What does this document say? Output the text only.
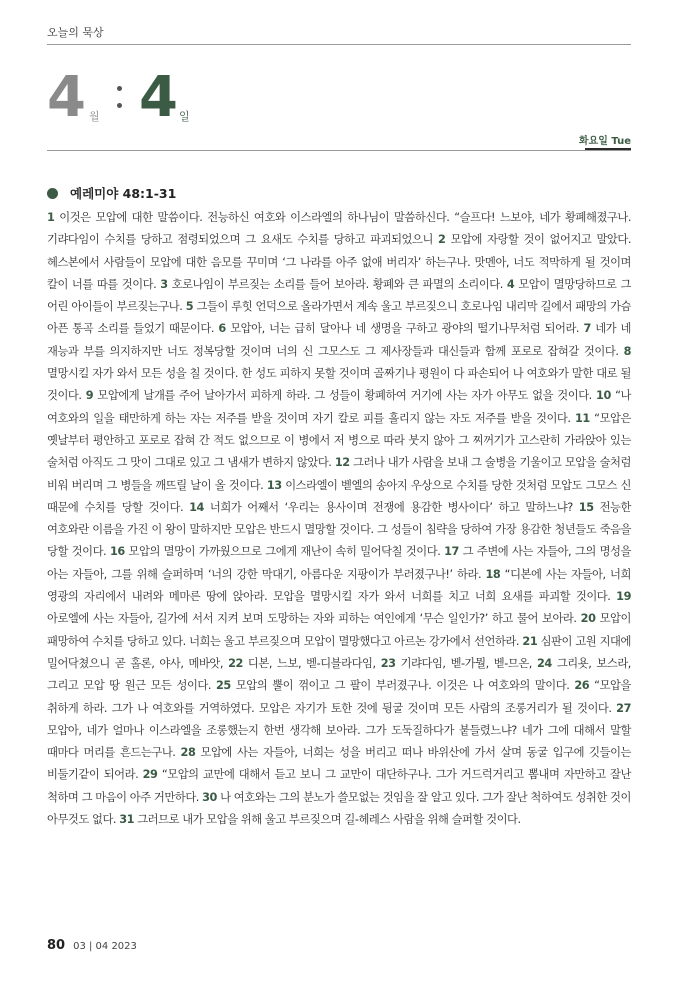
오늘의 묵상
4 월 4 일
화요일 Tue
예레미야 48:1-31
1 이것은 모압에 대한 말씀이다. 전능하신 여호와 이스라엘의 하나님이 말씀하신다. “슬프다! 느보야, 네가 황폐해졌구나. 기랴다임이 수치를 당하고 점령되었으며 그 요새도 수치를 당하고 파괴되었으니 2 모압에 자랑할 것이 없어지고 말았다. 헤스본에서 사람들이 모압에 대한 음모를 꾸미며 ‘그 나라를 아주 없애 버리자’ 하는구나. 맛멘아, 너도 적막하게 될 것이며 칼이 너를 따를 것이다. 3 호로나임이 부르짖는 소리를 들어 보아라. 황폐와 큰 파멸의 소리이다. 4 모압이 멸망당하므로 그 어린 아이들이 부르짖는구나. 5 그들이 루힛 언덕으로 올라가면서 계속 울고 부르짖으니 호로나임 내리막 길에서 패망의 가슴 아픈 통곡 소리를 들었기 때문이다. 6 모압아, 너는 급히 달아나 네 생명을 구하고 광야의 떨기나무처럼 되어라. 7 네가 네 재능과 부를 의지하지만 너도 정복당할 것이며 너의 신 그모스도 그 제사장들과 대신들과 함께 포로로 잡혀갈 것이다. 8 멸망시킬 자가 와서 모든 성을 칠 것이다. 한 성도 피하지 못할 것이며 골짜기나 평원이 다 파손되어 나 여호와가 말한 대로 될 것이다. 9 모압에게 날개를 주어 날아가서 피하게 하라. 그 성들이 황폐하여 거기에 사는 자가 아무도 없을 것이다. 10 “나 여호와의 일을 태만하게 하는 자는 저주를 받을 것이며 자기 칼로 피를 흘리지 않는 자도 저주를 받을 것이다. 11 “모압은 옛날부터 평안하고 포로로 잡혀 간 적도 없으므로 이 병에서 저 병으로 따라 붓지 않아 그 찌꺼기가 고스란히 가라앉아 있는 술처럼 아직도 그 맛이 그대로 있고 그 냄새가 변하지 않았다. 12 그러나 내가 사람을 보내 그 술병을 기울이고 모압을 술처럼 비워 버리며 그 병들을 깨뜨릴 날이 올 것이다. 13 이스라엘이 벧엘의 송아지 우상으로 수치를 당한 것처럼 모압도 그모스 신 때문에 수치를 당할 것이다. 14 너희가 어째서 ‘우리는 용사이며 전쟁에 용감한 병사이다’ 하고 말하느냐? 15 전능한 여호와란 이름을 가진 이 왕이 말하지만 모압은 반드시 멸망할 것이다. 그 성들이 침략을 당하여 가장 용감한 청년들도 죽음을 당할 것이다. 16 모압의 멸망이 가까웠으므로 그에게 재난이 속히 밀어닥칠 것이다. 17 그 주변에 사는 자들아, 그의 명성을 아는 자들아, 그를 위해 슬퍼하며 ‘너의 강한 막대기, 아름다운 지팡이가 부러졌구나!’ 하라. 18 “디본에 사는 자들아, 너희 영광의 자리에서 내려와 메마른 땅에 앉아라. 모압을 멸망시킬 자가 와서 너희를 치고 너희 요새를 파괴할 것이다. 19 아로엘에 사는 자들아, 길가에 서서 지켜 보며 도망하는 자와 피하는 여인에게 ‘무슨 일인가?’ 하고 물어 보아라. 20 모압이 패망하여 수치를 당하고 있다. 너희는 울고 부르짖으며 모압이 멸망했다고 아르논 강가에서 선언하라. 21 심판이 고원 지대에 밀어닥쳤으니 곧 홀론, 야사, 메바앗, 22 디본, 느보, 벧-디블라다임, 23 기랴다임, 벧-가뭘, 벧-므온, 24 그리욧, 보스라, 그리고 모압 땅 원근 모든 성이다. 25 모압의 뿔이 꺾이고 그 팔이 부러졌구나. 이것은 나 여호와의 말이다. 26 “모압을 취하게 하라. 그가 나 여호와를 거역하였다. 모압은 자기가 토한 것에 뒹굴 것이며 모든 사람의 조롱거리가 될 것이다. 27 모압아, 네가 얼마나 이스라엘을 조롱했는지 한번 생각해 보아라. 그가 도둑질하다가 붙들렸느냐? 네가 그에 대해서 말할 때마다 머리를 흔드는구나. 28 모압에 사는 자들아, 너희는 성을 버리고 떠나 바위산에 가서 살며 동굴 입구에 깃들이는 비둘기같이 되어라. 29 “모압의 교만에 대해서 듣고 보니 그 교만이 대단하구나. 그가 거드럭거리고 뽐내며 자만하고 잘난 척하며 그 마음이 아주 거만하다. 30 나 여호와는 그의 분노가 쓸모없는 것임을 잘 알고 있다. 그가 잘난 척하여도 성취한 것이 아무것도 없다. 31 그러므로 내가 모압을 위해 울고 부르짖으며 길-헤레스 사람을 위해 슬퍼할 것이다.
80 03 | 04 2023
